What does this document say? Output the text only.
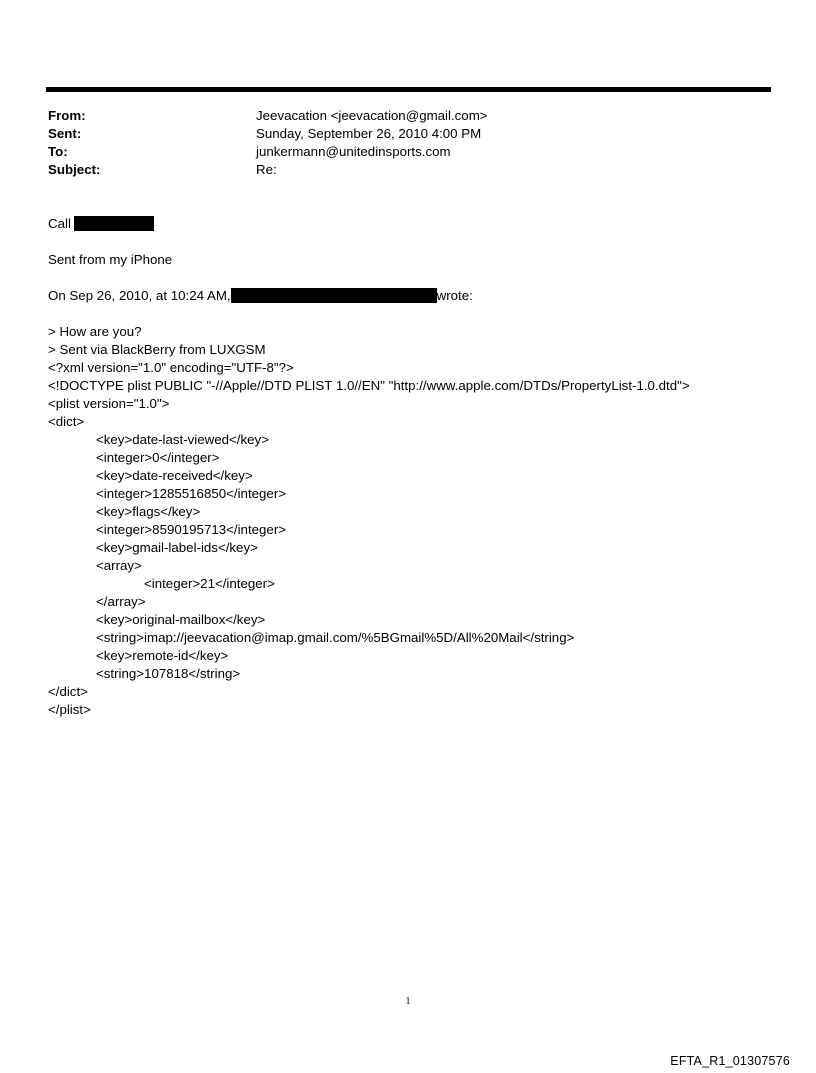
From:	Jeevacation <jeevacation@gmail.com>
Sent:	Sunday, September 26, 2010 4:00 PM
To:	junkermann@unitedinsports.com
Subject:	Re:
Call
Sent from my iPhone
On Sep 26, 2010, at 10:24 AM,	wrote:
> How are you?
> Sent via BlackBerry from LUXGSM
<?xml version="1.0" encoding="UTF-8"?>
<!DOCTYPE plist PUBLIC "-//Apple//DTD PLIST 1.0//EN" "http://www.apple.com/DTDs/PropertyList-1.0.dtd">
<plist version="1.0">
<dict>
<key>date-last-viewed</key>
<integer>0</integer>
<key>date-received</key>
<integer>1285516850</integer>
<key>flags</key>
<integer>8590195713</integer>
<key>gmail-label-ids</key>
<array>
<integer>21</integer>
</array>
<key>original-mailbox</key>
<string>imap://jeevacation@imap.gmail.com/%5BGmail%5D/All%20Mail</string>
<key>remote-id</key>
<string>107818</string>
</dict>
</plist>
1
EFTA_R1_01307576
